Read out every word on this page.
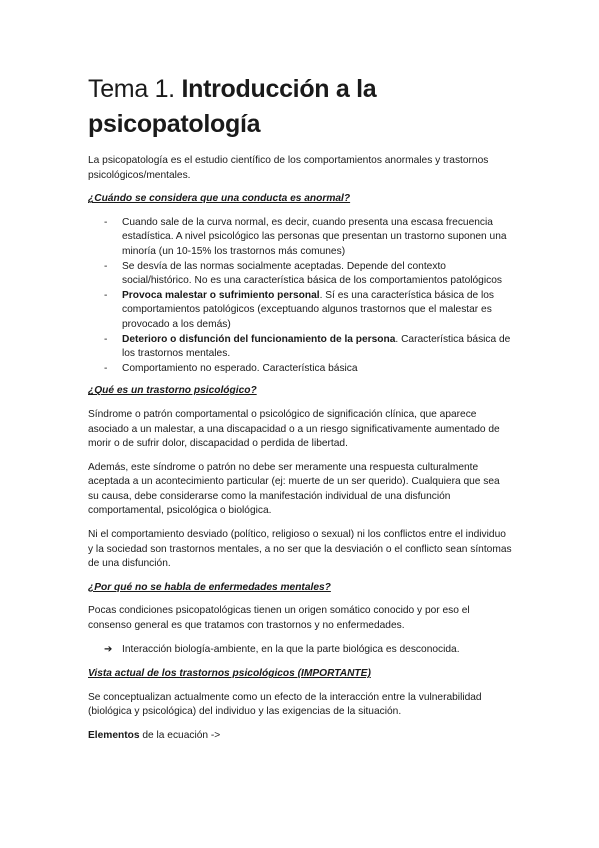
Tema 1. Introducción a la psicopatología

La psicopatología es el estudio científico de los comportamientos anormales y trastornos psicológicos/mentales.

¿Cuándo se considera que una conducta es anormal?

- Cuando sale de la curva normal, es decir, cuando presenta una escasa frecuencia estadística. A nivel psicológico las personas que presentan un trastorno suponen una minoría (un 10-15% los trastornos más comunes)
- Se desvía de las normas socialmente aceptadas. Depende del contexto social/histórico. No es una característica básica de los comportamientos patológicos
- Provoca malestar o sufrimiento personal. Sí es una característica básica de los comportamientos patológicos (exceptuando algunos trastornos que el malestar es provocado a los demás)
- Deterioro o disfunción del funcionamiento de la persona. Característica básica de los trastornos mentales.
- Comportamiento no esperado. Característica básica

¿Qué es un trastorno psicológico?

Síndrome o patrón comportamental o psicológico de significación clínica, que aparece asociado a un malestar, a una discapacidad o a un riesgo significativamente aumentado de morir o de sufrir dolor, discapacidad o perdida de libertad.

Además, este síndrome o patrón no debe ser meramente una respuesta culturalmente aceptada a un acontecimiento particular (ej: muerte de un ser querido). Cualquiera que sea su causa, debe considerarse como la manifestación individual de una disfunción comportamental, psicológica o biológica.

Ni el comportamiento desviado (político, religioso o sexual) ni los conflictos entre el individuo y la sociedad son trastornos mentales, a no ser que la desviación o el conflicto sean síntomas de una disfunción.

¿Por qué no se habla de enfermedades mentales?

Pocas condiciones psicopatológicas tienen un origen somático conocido y por eso el consenso general es que tratamos con trastornos y no enfermedades.

➔ Interacción biología-ambiente, en la que la parte biológica es desconocida.

Vista actual de los trastornos psicológicos (IMPORTANTE)

Se conceptualizan actualmente como un efecto de la interacción entre la vulnerabilidad (biológica y psicológica) del individuo y las exigencias de la situación.

Elementos de la ecuación ->
